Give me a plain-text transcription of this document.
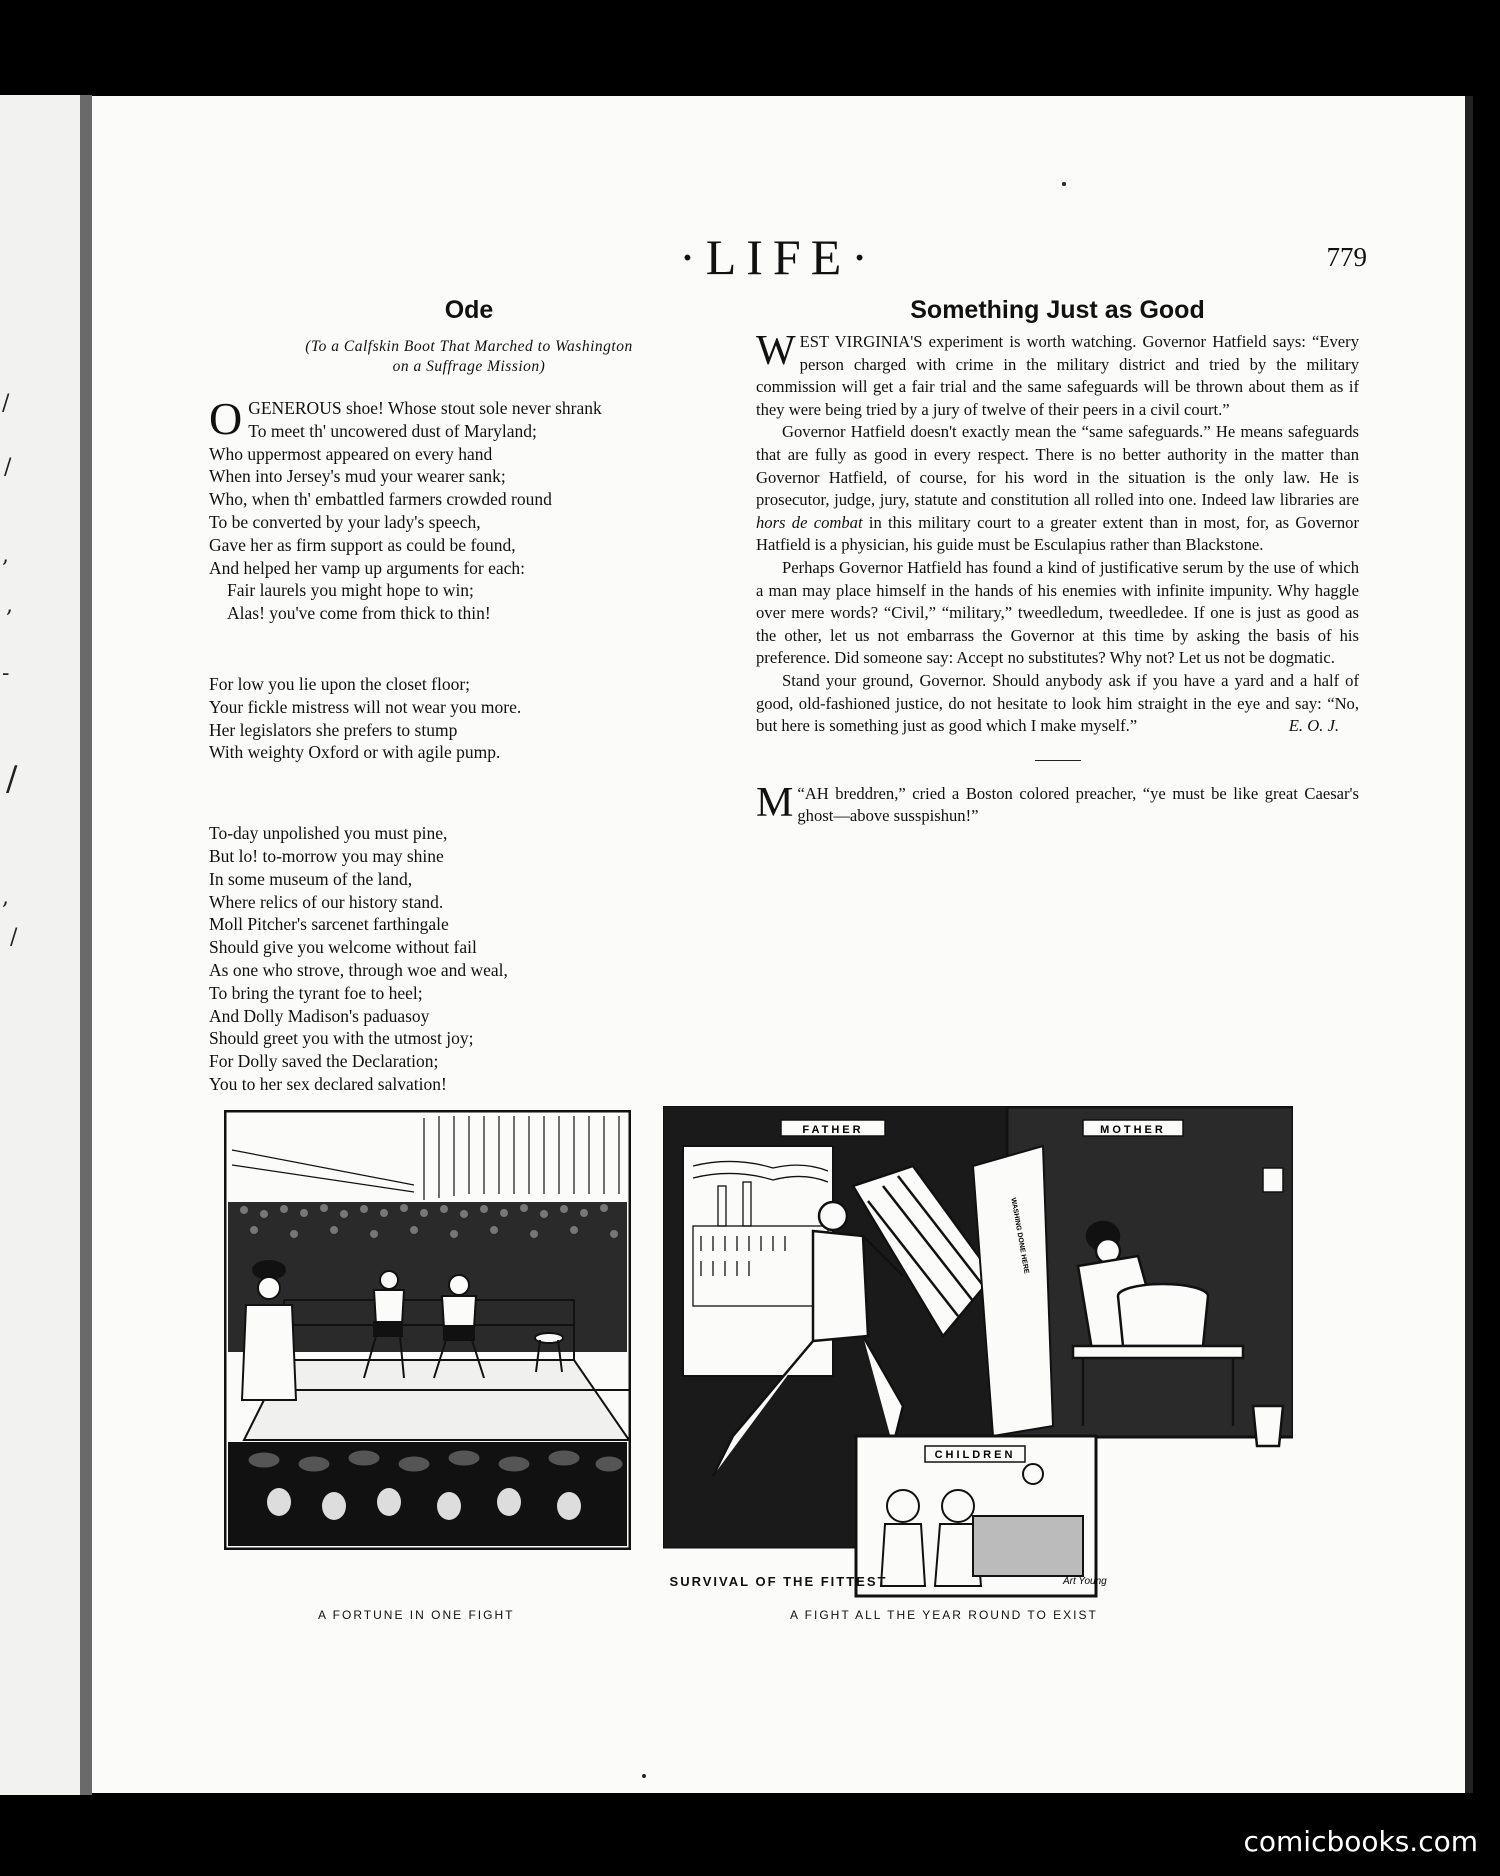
/
/
,
,
-
/
,
/
·LIFE·	779
Ode
(To a Calfskin Boot That Marched to Washington
on a Suffrage Mission)
O GENEROUS shoe! Whose stout sole never shrank
To meet th' uncowered dust of Maryland;
Who uppermost appeared on every hand
When into Jersey's mud your wearer sank;
Who, when th' embattled farmers crowded round
To be converted by your lady's speech,
Gave her as firm support as could be found,
And helped her vamp up arguments for each:
Fair laurels you might hope to win;
Alas! you've come from thick to thin!
For low you lie upon the closet floor;
Your fickle mistress will not wear you more.
Her legislators she prefers to stump
With weighty Oxford or with agile pump.
To-day unpolished you must pine,
But lo! to-morrow you may shine
In some museum of the land,
Where relics of our history stand.
Moll Pitcher's sarcenet farthingale
Should give you welcome without fail
As one who strove, through woe and weal,
To bring the tyrant foe to heel;
And Dolly Madison's paduasoy
Should greet you with the utmost joy;
For Dolly saved the Declaration;
You to her sex declared salvation!
Something Just as Good

WEST VIRGINIA'S experiment is worth watching. Governor Hatfield says: “Every person charged with crime in the military district and tried by the military commission will get a fair trial and the same safeguards will be thrown about them as if they were being tried by a jury of twelve of their peers in a civil court.”

Governor Hatfield doesn't exactly mean the “same safeguards.” He means safeguards that are fully as good in every respect. There is no better authority in the matter than Governor Hatfield, of course, for his word in the situation is the only law. He is prosecutor, judge, jury, statute and constitution all rolled into one. Indeed law libraries are hors de combat in this military court to a greater extent than in most, for, as Governor Hatfield is a physician, his guide must be Esculapius rather than Blackstone.

Perhaps Governor Hatfield has found a kind of justificative serum by the use of which a man may place himself in the hands of his enemies with infinite impunity. Why haggle over mere words? “Civil,” “military,” tweedledum, tweedledee. If one is just as good as the other, let us not embarrass the Governor at this time by asking the basis of his preference. Did someone say: Accept no substitutes? Why not? Let us not be dogmatic.

Stand your ground, Governor. Should anybody ask if you have a yard and a half of good, old-fashioned justice, do not hesitate to look him straight in the eye and say: “No, but here is something just as good which I make myself.”	E. O. J.

“
M AH breddren,” cried a Boston colored preacher, “ye must be like great Caesar's ghost—above susspishun!”

FATHER	MOTHER
WASHING DONE HERE
CHILDREN
Art Young
SURVIVAL OF THE FITTEST
A FORTUNE IN ONE FIGHT	A FIGHT ALL THE YEAR ROUND TO EXIST
comicbooks.com
